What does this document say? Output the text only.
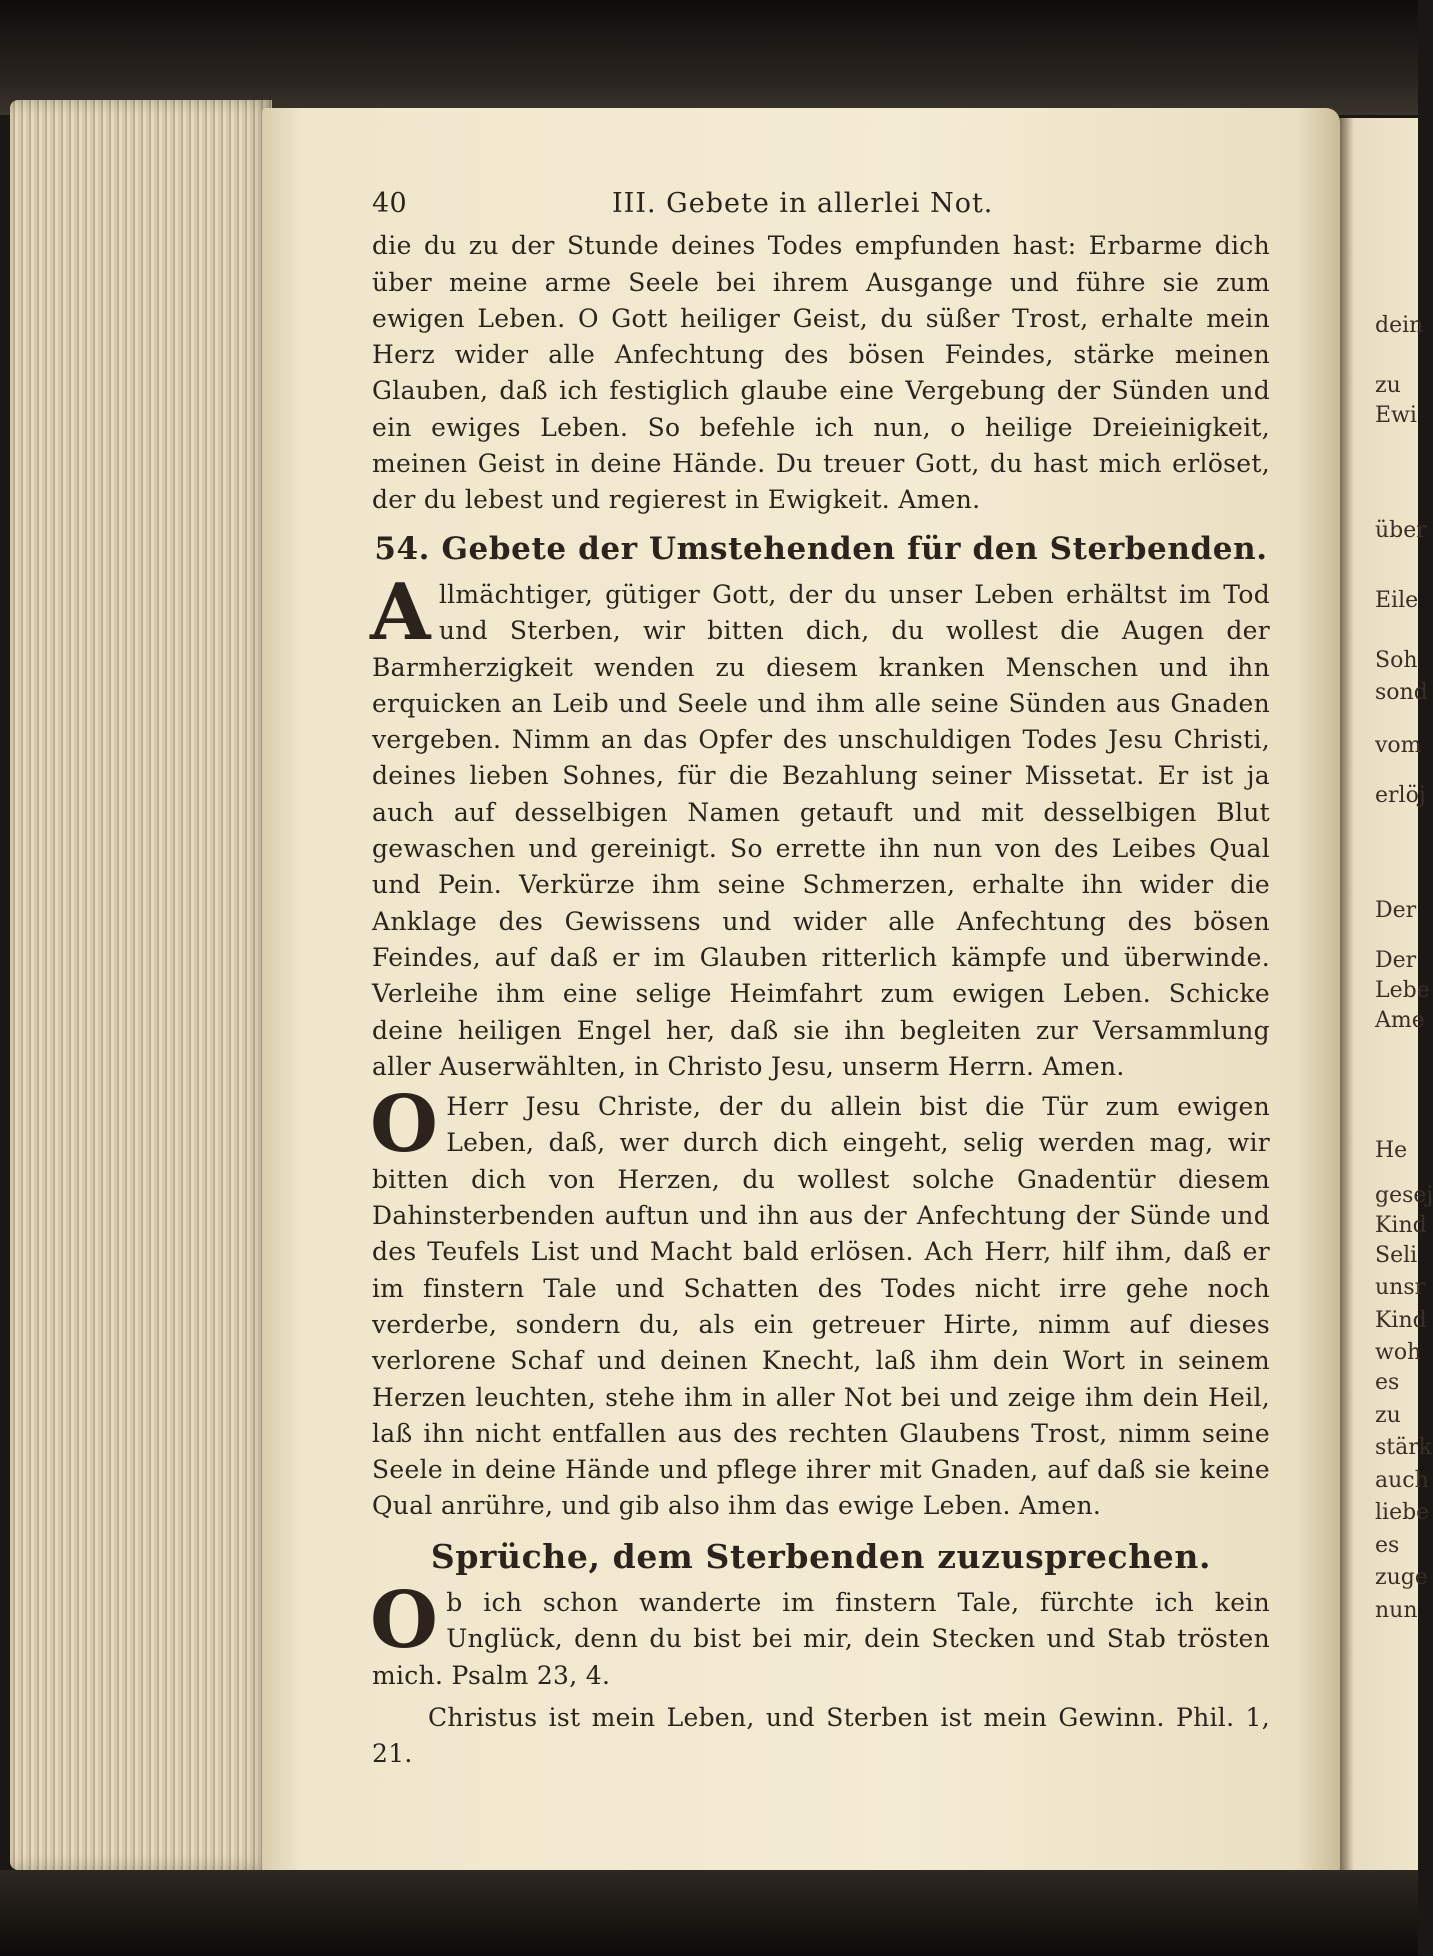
dein
zu
Ewi
über
Eile
Soh
sond
vom
erlöj
Der
Der
Lebe
Ame
He
gesej
Kind
Seli
unsr
Kind
woh
es
zu
stärk
auch
liebe
es
zuge
nun
40	III. Gebete in allerlei Not.

die du zu der Stunde deines Todes empfunden hast: Erbarme dich über meine arme Seele bei ihrem Ausgange und führe sie zum ewigen Leben. O Gott heiliger Geist, du süßer Trost, erhalte mein Herz wider alle Anfechtung des bösen Feindes, stärke meinen Glauben, daß ich festiglich glaube eine Vergebung der Sünden und ein ewiges Leben. So befehle ich nun, o heilige Dreieinigkeit, meinen Geist in deine Hände. Du treuer Gott, du hast mich erlöset, der du lebest und regierest in Ewigkeit. Amen.

54. Gebete der Umstehenden für den Sterbenden.

Allmächtiger, gütiger Gott, der du unser Leben erhältst im Tod und Sterben, wir bitten dich, du wollest die Augen der Barmherzigkeit wenden zu diesem kranken Menschen und ihn erquicken an Leib und Seele und ihm alle seine Sünden aus Gnaden vergeben. Nimm an das Opfer des unschuldigen Todes Jesu Christi, deines lieben Sohnes, für die Bezahlung seiner Missetat. Er ist ja auch auf desselbigen Namen getauft und mit desselbigen Blut gewaschen und gereinigt. So errette ihn nun von des Leibes Qual und Pein. Verkürze ihm seine Schmerzen, erhalte ihn wider die Anklage des Gewissens und wider alle Anfechtung des bösen Feindes, auf daß er im Glauben ritterlich kämpfe und überwinde. Verleihe ihm eine selige Heimfahrt zum ewigen Leben. Schicke deine heiligen Engel her, daß sie ihn begleiten zur Versammlung aller Auserwählten, in Christo Jesu, unserm Herrn. Amen.

O Herr Jesu Christe, der du allein bist die Tür zum ewigen Leben, daß, wer durch dich eingeht, selig werden mag, wir bitten dich von Herzen, du wollest solche Gnadentür diesem Dahinsterbenden auftun und ihn aus der Anfechtung der Sünde und des Teufels List und Macht bald erlösen. Ach Herr, hilf ihm, daß er im finstern Tale und Schatten des Todes nicht irre gehe noch verderbe, sondern du, als ein getreuer Hirte, nimm auf dieses verlorene Schaf und deinen Knecht, laß ihm dein Wort in seinem Herzen leuchten, stehe ihm in aller Not bei und zeige ihm dein Heil, laß ihn nicht entfallen aus des rechten Glaubens Trost, nimm seine Seele in deine Hände und pflege ihrer mit Gnaden, auf daß sie keine Qual anrühre, und gib also ihm das ewige Leben. Amen.

Sprüche, dem Sterbenden zuzusprechen.

Ob ich schon wanderte im finstern Tale, fürchte ich kein Unglück, denn du bist bei mir, dein Stecken und Stab trösten mich. Psalm 23, 4.

Christus ist mein Leben, und Sterben ist mein Gewinn. Phil. 1, 21.
